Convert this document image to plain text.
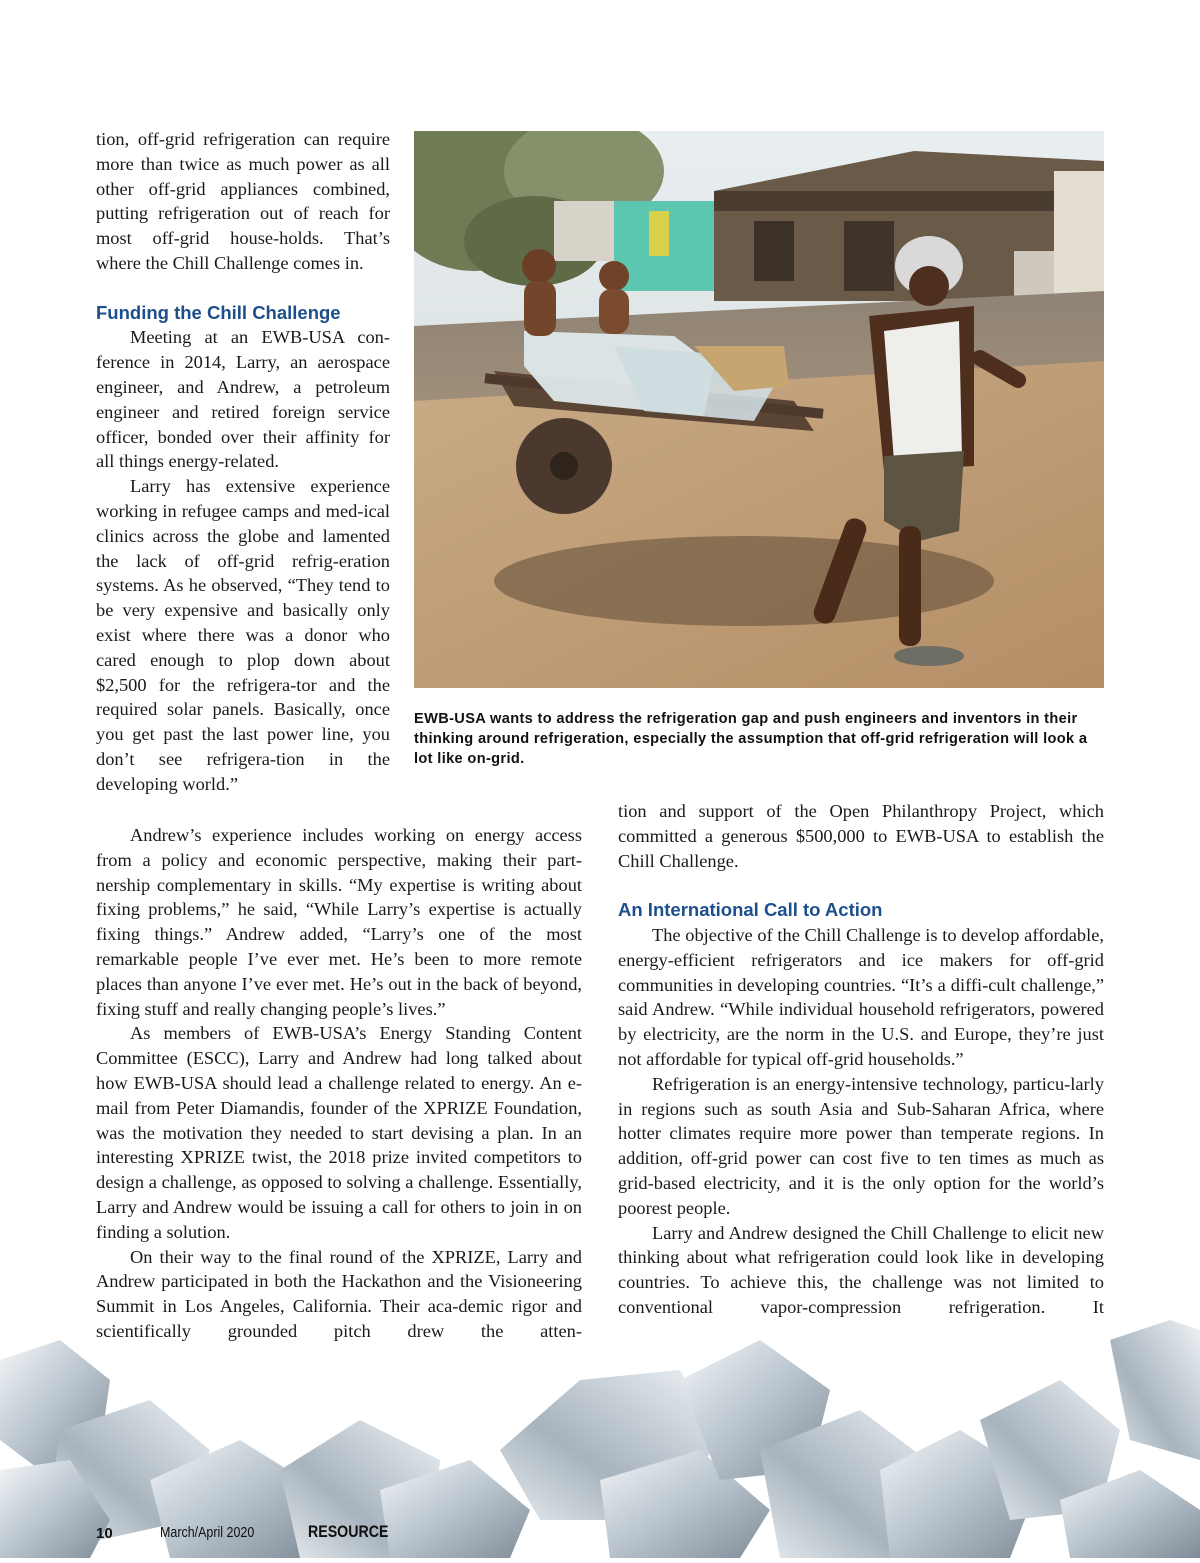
tion, off-grid refrigeration can require more than twice as much power as all other off-grid appliances combined, putting refrigeration out of reach for most off-grid house-holds. That’s where the Chill Challenge comes in.

Funding the Chill Challenge

Meeting at an EWB-USA con-ference in 2014, Larry, an aerospace engineer, and Andrew, a petroleum engineer and retired foreign service officer, bonded over their affinity for all things energy-related.

Larry has extensive experience working in refugee camps and med-ical clinics across the globe and lamented the lack of off-grid refrig-eration systems. As he observed, “They tend to be very expensive and basically only exist where there was a donor who cared enough to plop down about $2,500 for the refrigera-tor and the required solar panels. Basically, once you get past the last power line, you don’t see refrigera-tion in the developing world.”

EWB-USA wants to address the refrigeration gap and push engineers and inventors in their thinking around refrigeration, especially the assumption that off-grid refrigeration will look a lot like on-grid.

Andrew’s experience includes working on energy access from a policy and economic perspective, making their part-nership complementary in skills. “My expertise is writing about fixing problems,” he said, “While Larry’s expertise is actually fixing things.” Andrew added, “Larry’s one of the most remarkable people I’ve ever met. He’s been to more remote places than anyone I’ve ever met. He’s out in the back of beyond, fixing stuff and really changing people’s lives.”

As members of EWB-USA’s Energy Standing Content Committee (ESCC), Larry and Andrew had long talked about how EWB-USA should lead a challenge related to energy. An e-mail from Peter Diamandis, founder of the XPRIZE Foundation, was the motivation they needed to start devising a plan. In an interesting XPRIZE twist, the 2018 prize invited competitors to design a challenge, as opposed to solving a challenge. Essentially, Larry and Andrew would be issuing a call for others to join in on finding a solution.

On their way to the final round of the XPRIZE, Larry and Andrew participated in both the Hackathon and the Visioneering Summit in Los Angeles, California. Their aca-demic rigor and scientifically grounded pitch drew the atten-

tion and support of the Open Philanthropy Project, which committed a generous $500,000 to EWB-USA to establish the Chill Challenge.

An International Call to Action

The objective of the Chill Challenge is to develop affordable, energy-efficient refrigerators and ice makers for off-grid communities in developing countries. “It’s a diffi-cult challenge,” said Andrew. “While individual household refrigerators, powered by electricity, are the norm in the U.S. and Europe, they’re just not affordable for typical off-grid households.”

Refrigeration is an energy-intensive technology, particu-larly in regions such as south Asia and Sub-Saharan Africa, where hotter climates require more power than temperate regions. In addition, off-grid power can cost five to ten times as much as grid-based electricity, and it is the only option for the world’s poorest people.

Larry and Andrew designed the Chill Challenge to elicit new thinking about what refrigeration could look like in developing countries. To achieve this, the challenge was not limited to conventional vapor-compression refrigeration. It

10	March/April 2020	RESOURCE
